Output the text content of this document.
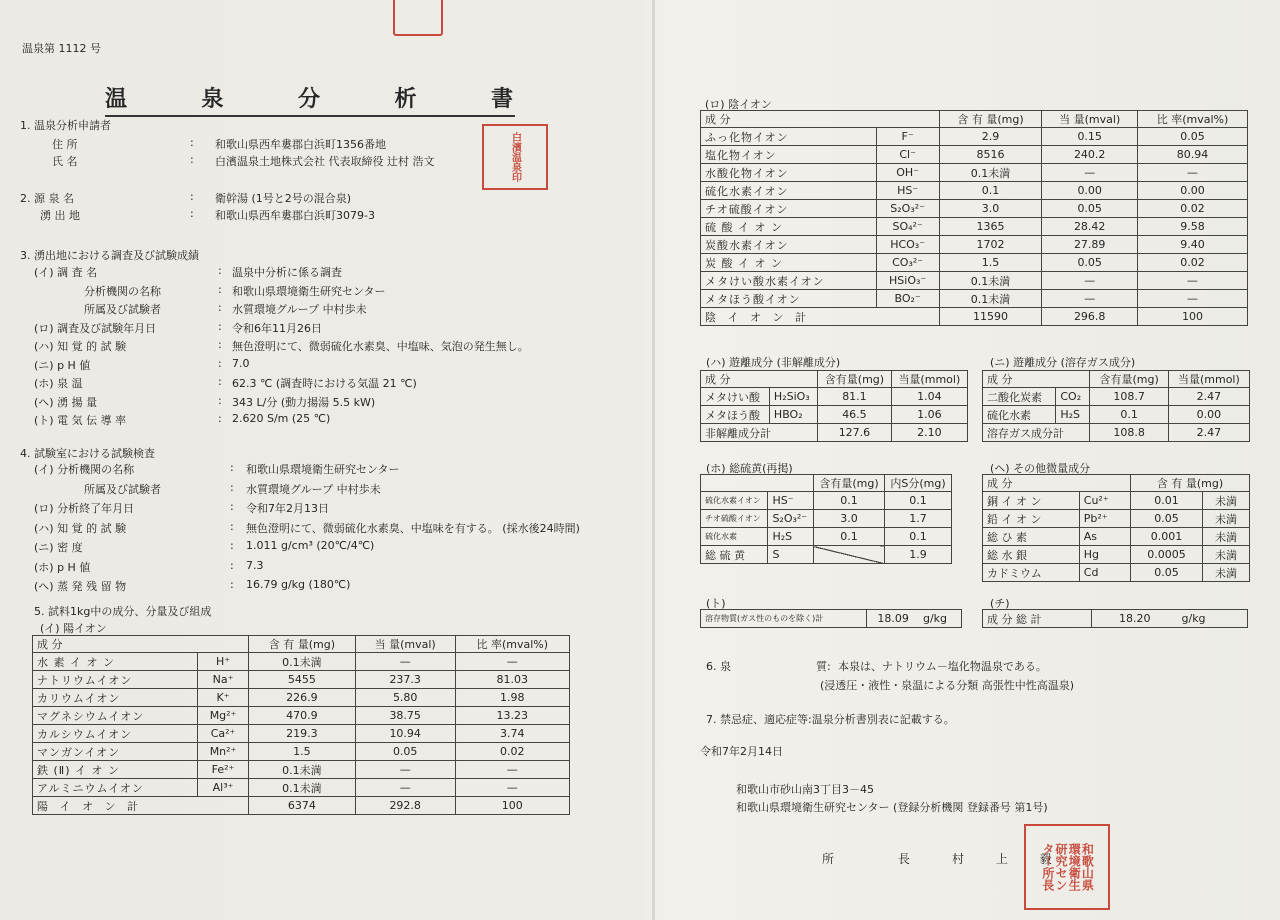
温泉第 1112 号
温	泉	分	析	書
1. 温泉分析申請者
住 所	: 和歌山県西牟婁郡白浜町1356番地
氏 名	: 白濱温泉土地株式会社 代表取締役 辻村 浩文	白濱温泉印
2. 源 泉 名	: 衛幹湯 (1号と2号の混合泉)
湧 出 地	: 和歌山県西牟婁郡白浜町3079-3
3. 湧出地における調査及び試験成績
(イ) 調 査 名	: 温泉中分析に係る調査
分析機関の名称	: 和歌山県環境衛生研究センター
所属及び試験者	: 水質環境グループ 中村歩未
(ロ) 調査及び試験年月日	: 令和6年11月26日
(ハ) 知 覚 的 試 験	: 無色澄明にて、微弱硫化水素臭、中塩味、気泡の発生無し。
(ニ) p H 値	: 7.0
(ホ) 泉 温	: 62.3 ℃ (調査時における気温 21 ℃)
(ヘ) 湧 揚 量	: 343 L/分 (動力揚湯 5.5 kW)
(ト) 電 気 伝 導 率	: 2.620 S/m (25 ℃)
4. 試験室における試験検査
(イ) 分析機関の名称	: 和歌山県環境衛生研究センター
所属及び試験者	: 水質環境グループ 中村歩未
(ロ) 分析終了年月日	: 令和7年2月13日
(ハ) 知 覚 的 試 験	: 無色澄明にて、微弱硫化水素臭、中塩味を有する。 (採水後24時間)
(ニ) 密 度	: 1.011 g/cm³ (20℃/4℃)
(ホ) p H 値	: 7.3
(ヘ) 蒸 発 残 留 物	: 16.79 g/kg (180℃)
5. 試料1kg中の成分、分量及び組成
(イ) 陽イオン
成 分		含 有 量(mg)	当 量(mval)	比 率(mval%)
水 素 イ オ ン	H⁺	0.1未満	—	—
ナトリウムイオン	Na⁺	5455	237.3	81.03
カリウムイオン	K⁺	226.9	5.80	1.98
マグネシウムイオン	Mg²⁺	470.9	38.75	13.23
カルシウムイオン	Ca²⁺	219.3	10.94	3.74
マンガンイオン	Mn²⁺	1.5	0.05	0.02
鉄 (Ⅱ) イ オ ン	Fe²⁺	0.1未満	—	—
アルミニウムイオン	Al³⁺	0.1未満	—	—
陽 イ オ ン 計		6374	292.8	100
(ロ) 陰イオン
成 分		含 有 量(mg)	当 量(mval)	比 率(mval%)
ふっ化物イオン	F⁻	2.9	0.15	0.05
塩化物イオン	Cl⁻	8516	240.2	80.94
水酸化物イオン	OH⁻	0.1未満	—	—
硫化水素イオン	HS⁻	0.1	0.00	0.00
チオ硫酸イオン	S₂O₃²⁻	3.0	0.05	0.02
硫 酸 イ オ ン	SO₄²⁻	1365	28.42	9.58
炭酸水素イオン	HCO₃⁻	1702	27.89	9.40
炭 酸 イ オ ン	CO₃²⁻	1.5	0.05	0.02
メタけい酸水素イオン	HSiO₃⁻	0.1未満	—	—
メタほう酸イオン	BO₂⁻	0.1未満	—	—
陰 イ オ ン 計		11590	296.8	100
(ハ) 遊離成分 (非解離成分)
成 分		含有量(mg)	当量(mmol)
メタけい酸	H₂SiO₃	81.1	1.04
メタほう酸	HBO₂	46.5	1.06
非解離成分計		127.6	2.10
(ニ) 遊離成分 (溶存ガス成分)
成 分		含有量(mg)	当量(mmol)
二酸化炭素	CO₂	108.7	2.47
硫化水素	H₂S	0.1	0.00
溶存ガス成分計		108.8	2.47
(ホ) 総硫黄(再掲)
		含有量(mg)	内S分(mg)
硫化水素イオン	HS⁻	0.1	0.1
チオ硫酸イオン	S₂O₃²⁻	3.0	1.7
硫化水素	H₂S	0.1	0.1
総 硫 黄	S		1.9
(ヘ) その他微量成分
成 分		含 有 量(mg)	
銅 イ オ ン	Cu²⁺	0.01	未満
鉛 イ オ ン	Pb²⁺	0.05	未満
総 ひ 素	As	0.001	未満
総 水 銀	Hg	0.0005	未満
カドミウム	Cd	0.05	未満
(ト)
溶存物質(ガス性のものを除く)計	18.09	g/kg
(チ)
成 分 総 計	18.20	g/kg
6. 泉	質: 本泉は、ナトリウム－塩化物温泉である。
(浸透圧・液性・泉温による分類 高張性中性高温泉)
7. 禁忌症、適応症等:温泉分析書別表に記載する。
令和7年2月14日
和歌山市砂山南3丁目3－45
和歌山県環境衛生研究センター (登録分析機関 登録番号 第1号)
所 長 村 上 毅	和歌山県
環境衛生
研究セン
ター所長
